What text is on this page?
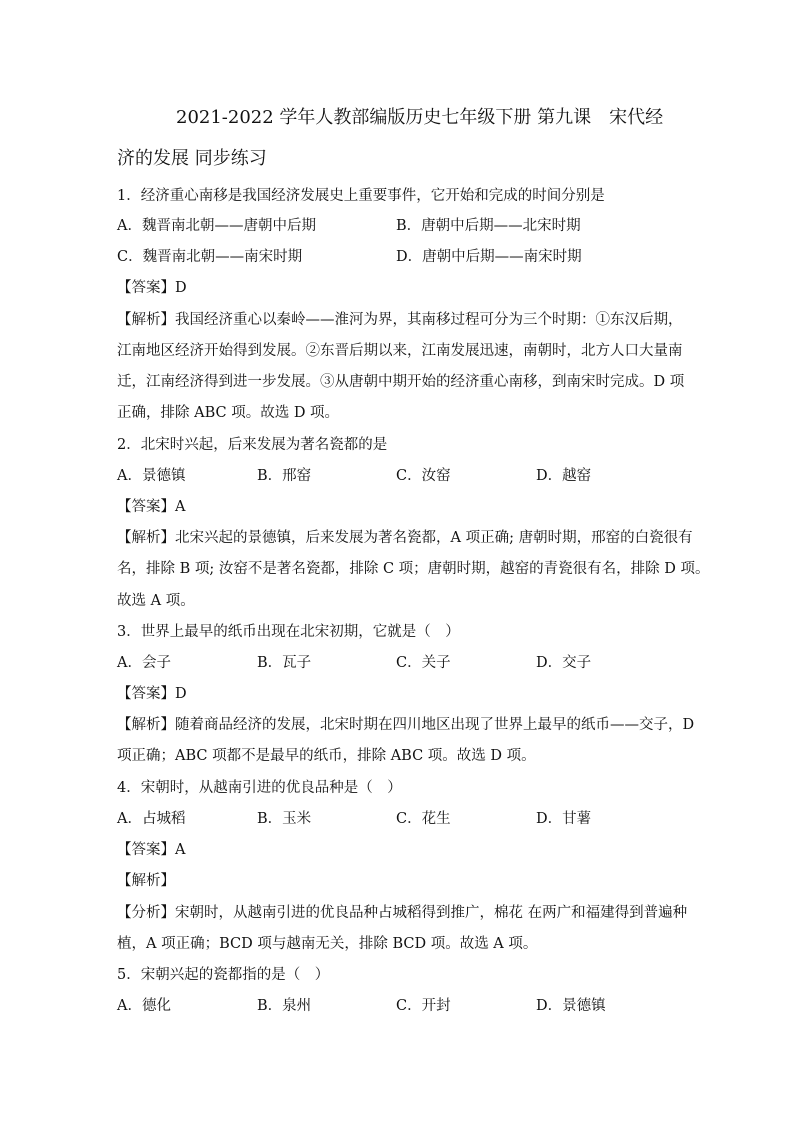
2021-2022 学年人教部编版历史七年级下册 第九课　宋代经
济的发展 同步练习
1．经济重心南移是我国经济发展史上重要事件，它开始和完成的时间分别是
A．魏晋南北朝——唐朝中后期	B．唐朝中后期——北宋时期
C．魏晋南北朝——南宋时期	D．唐朝中后期——南宋时期
【答案】D
【解析】我国经济重心以秦岭——淮河为界，其南移过程可分为三个时期：①东汉后期，
江南地区经济开始得到发展。②东晋后期以来，江南发展迅速，南朝时，北方人口大量南
迁，江南经济得到进一步发展。③从唐朝中期开始的经济重心南移，到南宋时完成。D 项
正确，排除 ABC 项。故选 D 项。
2．北宋时兴起，后来发展为著名瓷都的是
A．景德镇	B．邢窑	C．汝窑	D．越窑
【答案】A
【解析】北宋兴起的景德镇，后来发展为著名瓷都，A 项正确; 唐朝时期，邢窑的白瓷很有
名，排除 B 项; 汝窑不是著名瓷都，排除 C 项；唐朝时期，越窑的青瓷很有名，排除 D 项。
故选 A 项。
3．世界上最早的纸币出现在北宋初期，它就是（　）
A．会子	B．瓦子	C．关子	D．交子
【答案】D
【解析】随着商品经济的发展，北宋时期在四川地区出现了世界上最早的纸币——交子，D
项正确；ABC 项都不是最早的纸币，排除 ABC 项。故选 D 项。
4．宋朝时，从越南引进的优良品种是（　）
A．占城稻	B．玉米	C．花生	D．甘薯
【答案】A
【解析】
【分析】宋朝时，从越南引进的优良品种占城稻得到推广，棉花 在两广和福建得到普遍种
植，A 项正确；BCD 项与越南无关，排除 BCD 项。故选 A 项。
5．宋朝兴起的瓷都指的是（　）
A．德化	B．泉州	C．开封	D．景德镇
